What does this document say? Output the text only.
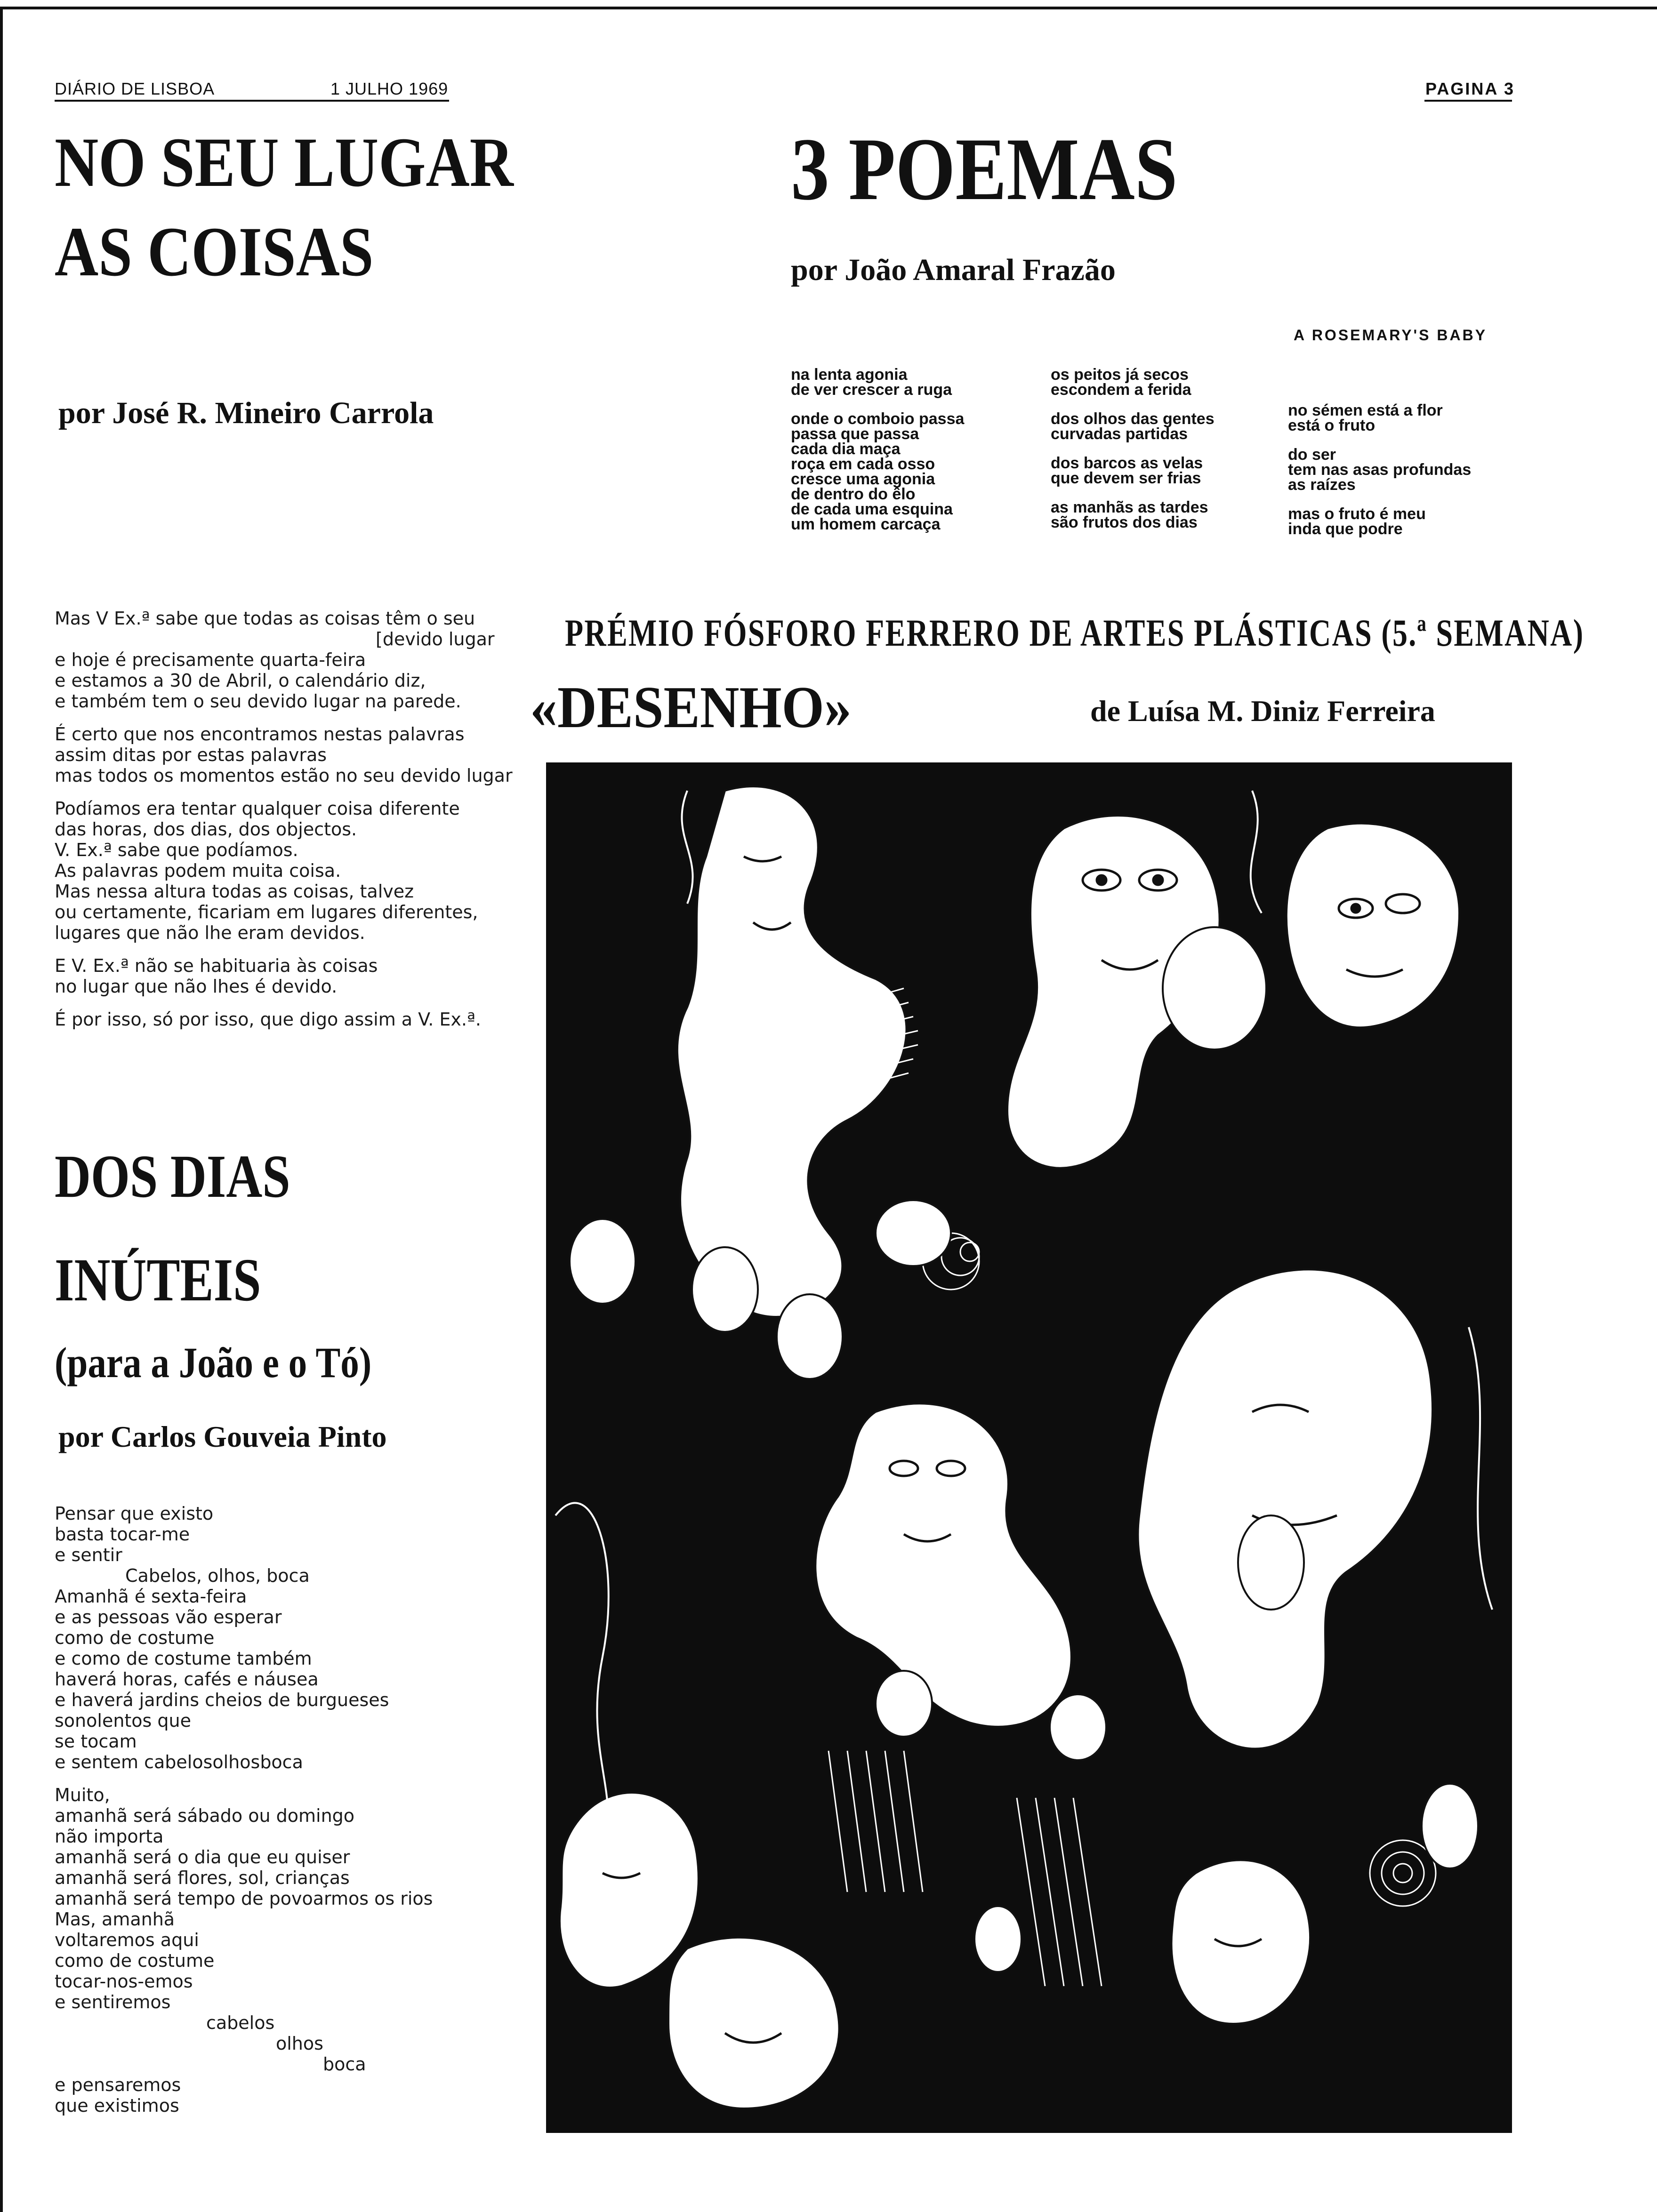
DIÁRIO DE LISBOA	1 JULHO 1969	PAGINA 3
NO SEU LUGAR
AS COISAS
por José R. Mineiro Carrola
Mas V Ex.ª sabe que todas as coisas têm o seu
[devido lugar
e hoje é precisamente quarta-feira
e estamos a 30 de Abril, o calendário diz,
e também tem o seu devido lugar na parede.
É certo que nos encontramos nestas palavras
assim ditas por estas palavras
mas todos os momentos estão no seu devido lugar
Podíamos era tentar qualquer coisa diferente
das horas, dos dias, dos objectos.
V. Ex.ª sabe que podíamos.
As palavras podem muita coisa.
Mas nessa altura todas as coisas, talvez
ou certamente, ficariam em lugares diferentes,
lugares que não lhe eram devidos.
E V. Ex.ª não se habituaria às coisas
no lugar que não lhes é devido.
É por isso, só por isso, que digo assim a V. Ex.ª.
3 POEMAS
por João Amaral Frazão
A ROSEMARY'S BABY
na lenta agonia
de ver crescer a ruga
onde o comboio passa
passa que passa
cada dia maça
roça em cada osso
cresce uma agonia
de dentro do êlo
de cada uma esquina
um homem carcaça
os peitos já secos
escondem a ferida
dos olhos das gentes
curvadas partidas
dos barcos as velas
que devem ser frias
as manhãs as tardes
são frutos dos dias
no sémen está a flor
está o fruto
do ser
tem nas asas profundas
as raízes
mas o fruto é meu
inda que podre
DOS DIAS
INÚTEIS
(para a João e o Tó)
por Carlos Gouveia Pinto
Pensar que existo
basta tocar-me
e sentir
Cabelos, olhos, boca
Amanhã é sexta-feira
e as pessoas vão esperar
como de costume
e como de costume também
haverá horas, cafés e náusea
e haverá jardins cheios de burgueses
sonolentos que
se tocam
e sentem cabelosolhosboca
Muito,
amanhã será sábado ou domingo
não importa
amanhã será o dia que eu quiser
amanhã será flores, sol, crianças
amanhã será tempo de povoarmos os rios
Mas, amanhã
voltaremos aqui
como de costume
tocar-nos-emos
e sentiremos
cabelos
olhos
boca
e pensaremos
que existimos
PRÉMIO FÓSFORO FERRERO DE ARTES PLÁSTICAS (5.ª SEMANA)
«DESENHO»	de Luísa M. Diniz Ferreira
